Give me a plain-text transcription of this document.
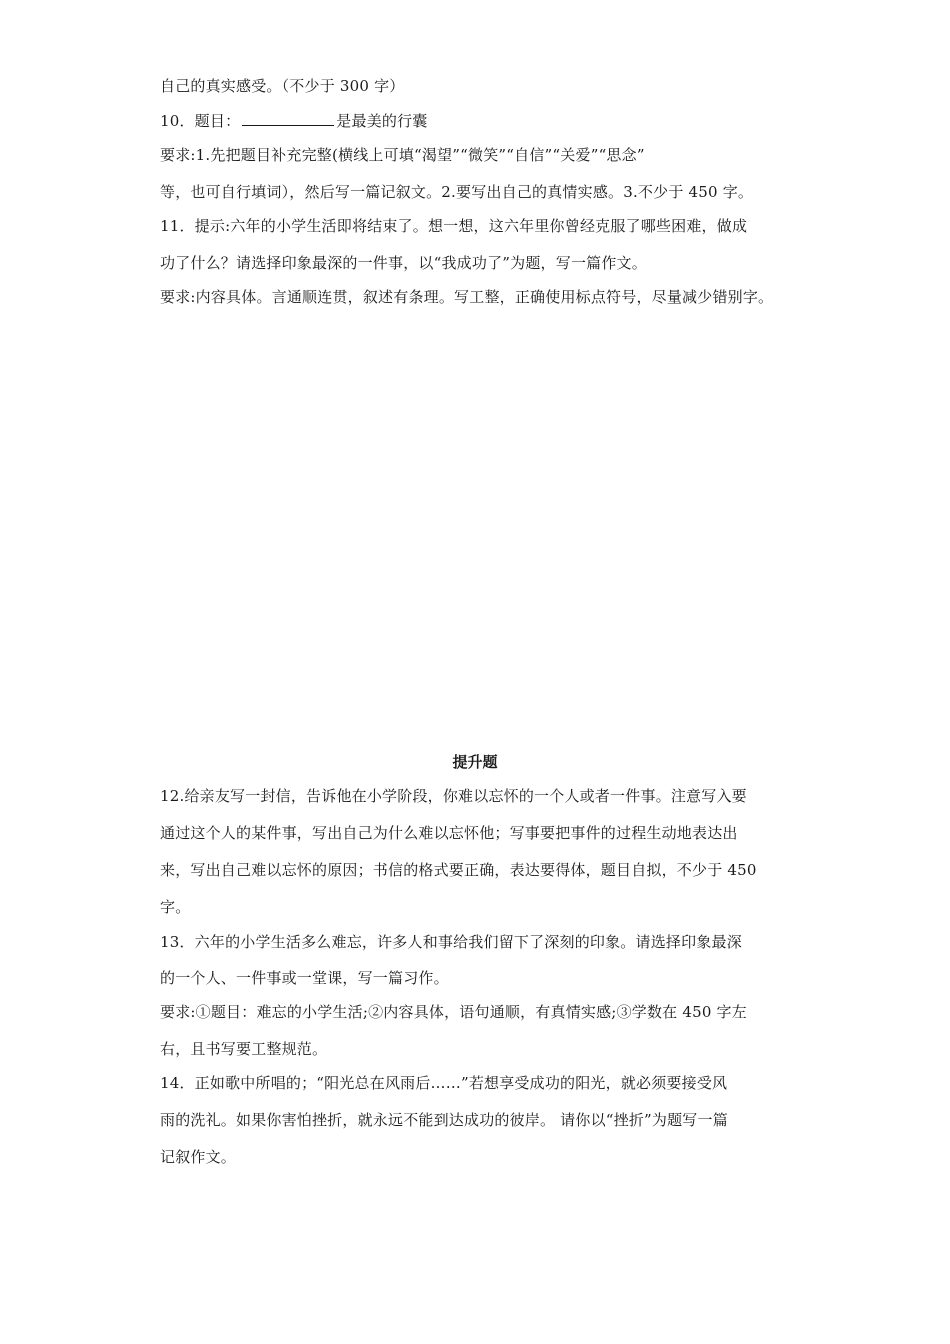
自己的真实感受。（不少于 300 字）
10．题目：	是最美的行囊
要求:1.先把题目补充完整(横线上可填“渴望”“微笑”“自信”“关爱”“思念”
等，也可自行填词），然后写一篇记叙文。2.要写出自己的真情实感。3.不少于 450 字。
11．提示:六年的小学生活即将结束了。想一想，这六年里你曾经克服了哪些困难，做成
功了什么？请选择印象最深的一件事，以“我成功了”为题，写一篇作文。
要求:内容具体。言通顺连贯，叙述有条理。写工整，正确使用标点符号，尽量减少错别字。
提升题
12.给亲友写一封信，告诉他在小学阶段，你难以忘怀的一个人或者一件事。注意写入要
通过这个人的某件事，写出自己为什么难以忘怀他；写事要把事件的过程生动地表达出
来，写出自己难以忘怀的原因；书信的格式要正确，表达要得体，题目自拟，不少于 450
字。
13．六年的小学生活多么难忘，许多人和事给我们留下了深刻的印象。请选择印象最深
的一个人、一件事或一堂课，写一篇习作。
要求:①题目：难忘的小学生活;②内容具体，语句通顺，有真情实感;③学数在 450 字左
右，且书写要工整规范。
14．正如歌中所唱的；“阳光总在风雨后……”若想享受成功的阳光，就必须要接受风
雨的洗礼。如果你害怕挫折，就永远不能到达成功的彼岸。 请你以“挫折”为题写一篇
记叙作文。
